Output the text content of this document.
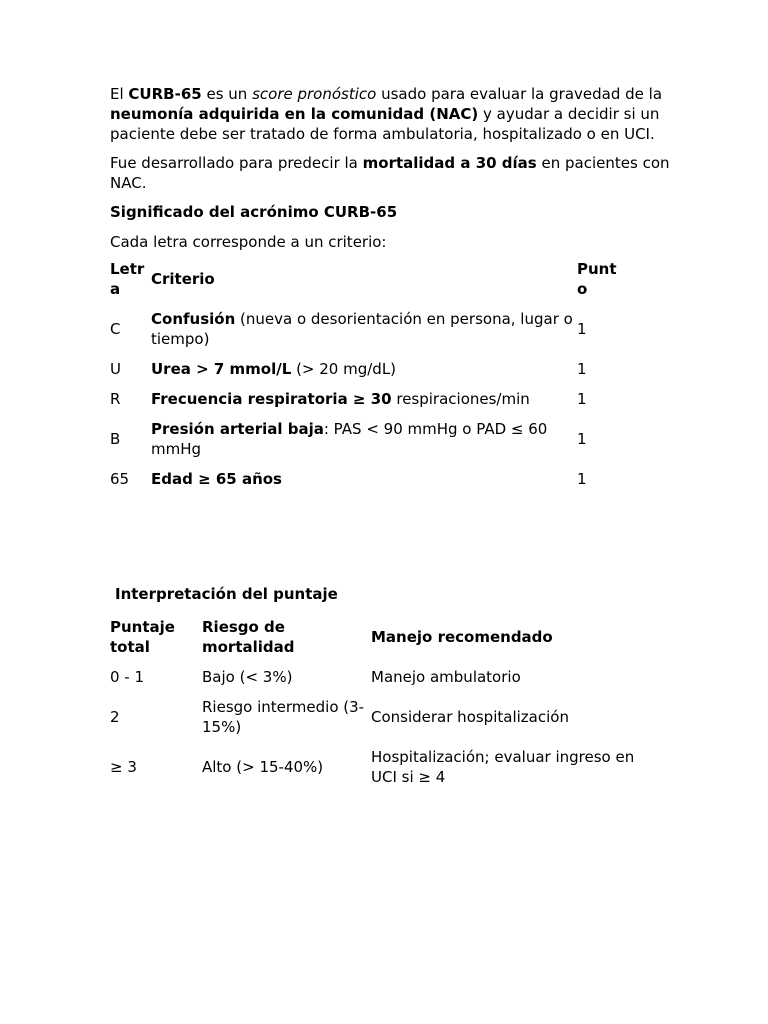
El CURB-65 es un score pronóstico usado para evaluar la gravedad de la neumonía adquirida en la comunidad (NAC) y ayudar a decidir si un paciente debe ser tratado de forma ambulatoria, hospitalizado o en UCI.

Fue desarrollado para predecir la mortalidad a 30 días en pacientes con NAC.

Significado del acrónimo CURB-65

Cada letra corresponde a un criterio:

Letra	Criterio	Punto
C	Confusión (nueva o desorientación en persona, lugar o tiempo)	1
U	Urea > 7 mmol/L (> 20 mg/dL)	1
R	Frecuencia respiratoria ≥ 30 respiraciones/min	1
B	Presión arterial baja: PAS < 90 mmHg o PAD ≤ 60 mmHg	1
65	Edad ≥ 65 años	1

Interpretación del puntaje

Puntaje total	Riesgo de mortalidad	Manejo recomendado
0 - 1	Bajo (< 3%)	Manejo ambulatorio
2	Riesgo intermedio (3-15%)	Considerar hospitalización
≥ 3	Alto (> 15-40%)	Hospitalización; evaluar ingreso en UCI si ≥ 4
